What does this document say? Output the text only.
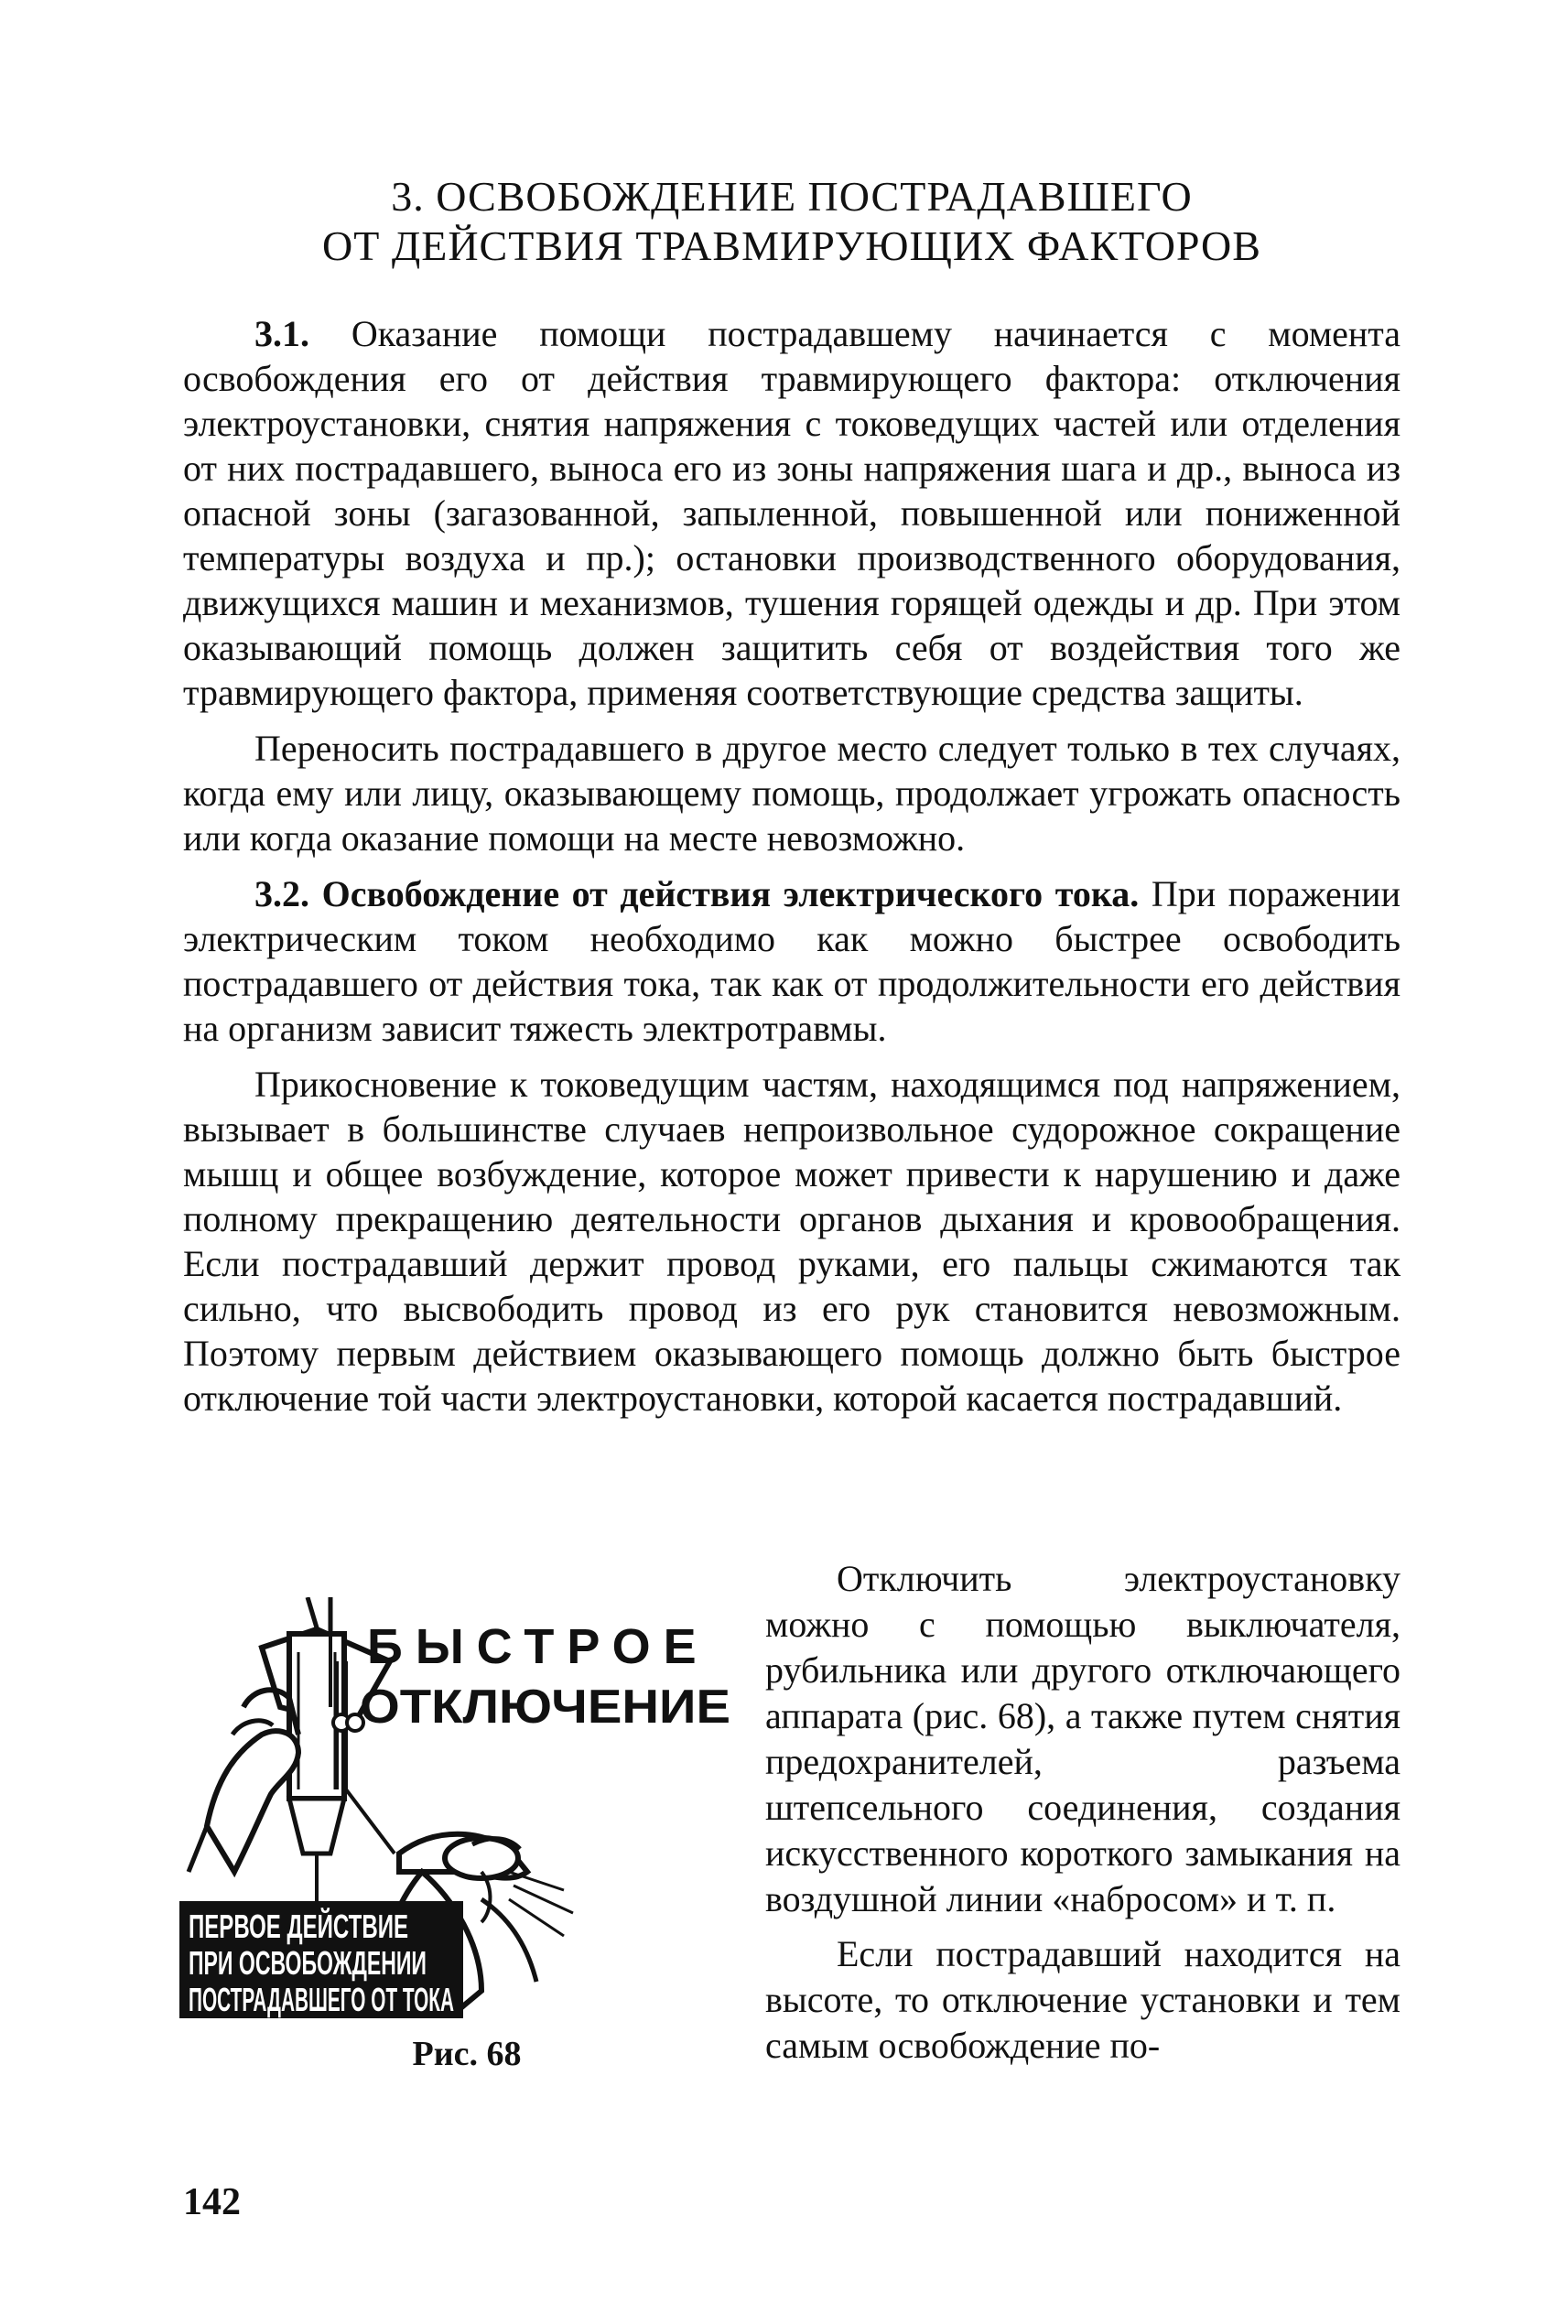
3. ОСВОБОЖДЕНИЕ ПОСТРАДАВШЕГО
ОТ ДЕЙСТВИЯ ТРАВМИРУЮЩИХ ФАКТОРОВ

3.1. Оказание помощи пострадавшему начинается с момента освобождения его от действия травмирующего фактора: отключения электроустановки, снятия напряжения с токоведущих частей или отделения от них пострадавшего, выноса его из зоны напряжения шага и др., выноса из опасной зоны (загазованной, запыленной, повышенной или пониженной температуры воздуха и пр.); остановки производственного оборудования, движущихся машин и механизмов, тушения горящей одежды и др. При этом оказывающий помощь должен защитить себя от воздействия того же травмирующего фактора, применяя соответствующие средства защиты.

Переносить пострадавшего в другое место следует только в тех случаях, когда ему или лицу, оказывающему помощь, продолжает угрожать опасность или когда оказание помощи на месте невозможно.

3.2. Освобождение от действия электрического тока. При поражении электрическим током необходимо как можно быстрее освободить пострадавшего от действия тока, так как от продолжительности его действия на организм зависит тяжесть электротравмы.

Прикосновение к токоведущим частям, находящимся под напряжением, вызывает в большинстве случаев непроизвольное судорожное сокращение мышц и общее возбуждение, которое может привести к нарушению и даже полному прекращению деятельности органов дыхания и кровообращения. Если пострадавший держит провод руками, его пальцы сжимаются так сильно, что высвободить провод из его рук становится невозможным. Поэтому первым действием оказывающего помощь должно быть быстрое отключение той части электроустановки, которой касается пострадавший.

БЫСТРОЕ
ОТКЛЮЧЕНИЕ
ПЕРВОЕ ДЕЙСТВИЕ
ПРИ ОСВОБОЖДЕНИИ
ПОСТРАДАВШЕГО ОТ ТОКА
Рис. 68

Отключить электроустановку можно с помощью выключателя, рубильника или другого отключающего аппарата (рис. 68), а также путем снятия предохранителей, разъема штепсельного соединения, создания искусственного короткого замыкания на воздушной линии «набросом» и т. п.

Если пострадавший находится на высоте, то отключение установки и тем самым освобождение по-

142
